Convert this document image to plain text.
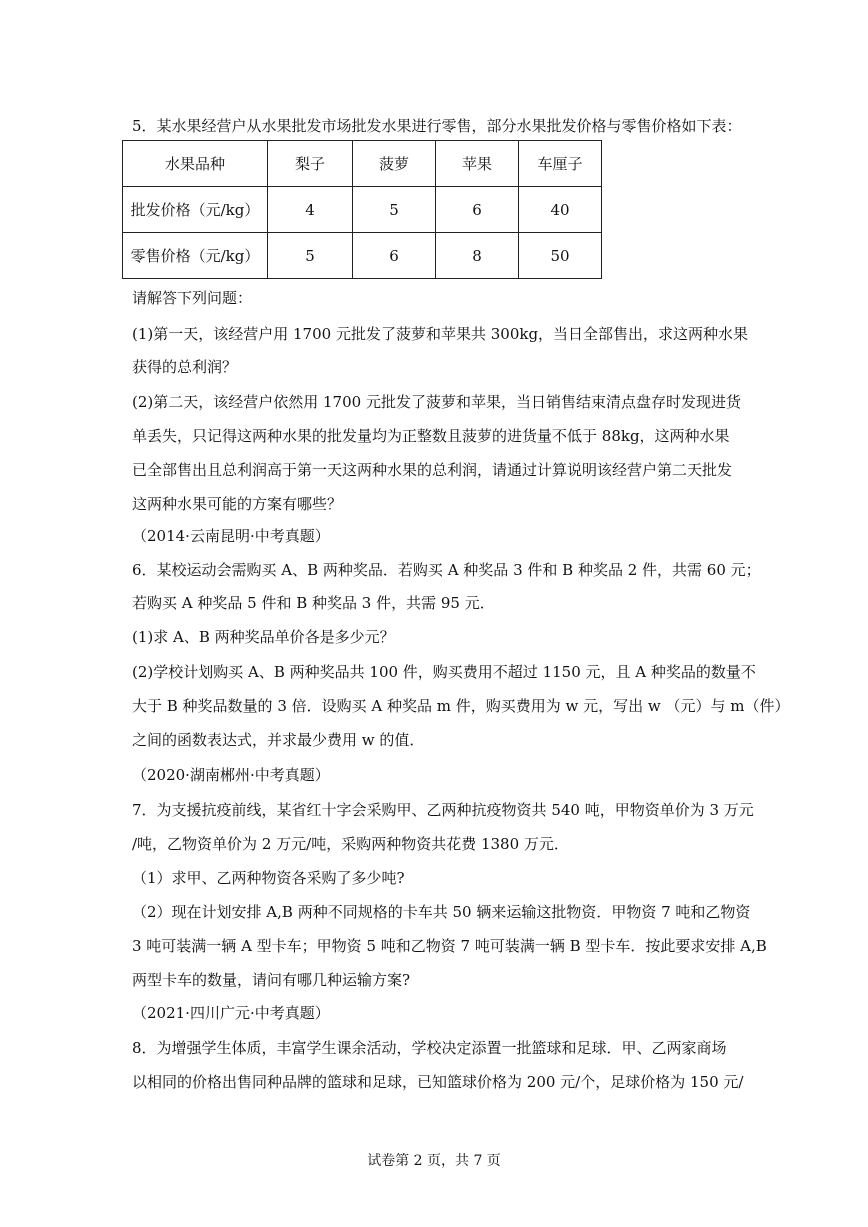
5．某水果经营户从水果批发市场批发水果进行零售，部分水果批发价格与零售价格如下表：
水果品种	梨子	菠萝	苹果	车厘子
批发价格（元/kg）	4	5	6	40
零售价格（元/kg）	5	6	8	50
请解答下列问题：
(1)第一天，该经营户用 1700 元批发了菠萝和苹果共 300kg，当日全部售出，求这两种水果
获得的总利润？
(2)第二天，该经营户依然用 1700 元批发了菠萝和苹果，当日销售结束清点盘存时发现进货
单丢失，只记得这两种水果的批发量均为正整数且菠萝的进货量不低于 88kg，这两种水果
已全部售出且总利润高于第一天这两种水果的总利润，请通过计算说明该经营户第二天批发
这两种水果可能的方案有哪些？
（2014·云南昆明·中考真题）
6．某校运动会需购买 A、B 两种奖品．若购买 A 种奖品 3 件和 B 种奖品 2 件，共需 60 元；
若购买 A 种奖品 5 件和 B 种奖品 3 件，共需 95 元．
(1)求 A、B 两种奖品单价各是多少元？
(2)学校计划购买 A、B 两种奖品共 100 件，购买费用不超过 1150 元，且 A 种奖品的数量不
大于 B 种奖品数量的 3 倍．设购买 A 种奖品 m 件，购买费用为 w 元，写出 w （元）与 m（件）
之间的函数表达式，并求最少费用 w 的值．
（2020·湖南郴州·中考真题）
7．为支援抗疫前线，某省红十字会采购甲、乙两种抗疫物资共 540 吨，甲物资单价为 3 万元
/吨，乙物资单价为 2 万元/吨，采购两种物资共花费 1380 万元．
（1）求甲、乙两种物资各采购了多少吨?
（2）现在计划安排 A,B 两种不同规格的卡车共 50 辆来运输这批物资．甲物资 7 吨和乙物资
3 吨可装满一辆 A 型卡车；甲物资 5 吨和乙物资 7 吨可装满一辆 B 型卡车．按此要求安排 A,B
两型卡车的数量，请问有哪几种运输方案?
（2021·四川广元·中考真题）
8．为增强学生体质，丰富学生课余活动，学校决定添置一批篮球和足球．甲、乙两家商场
以相同的价格出售同种品牌的篮球和足球，已知篮球价格为 200 元/个，足球价格为 150 元/
试卷第 2 页，共 7 页
